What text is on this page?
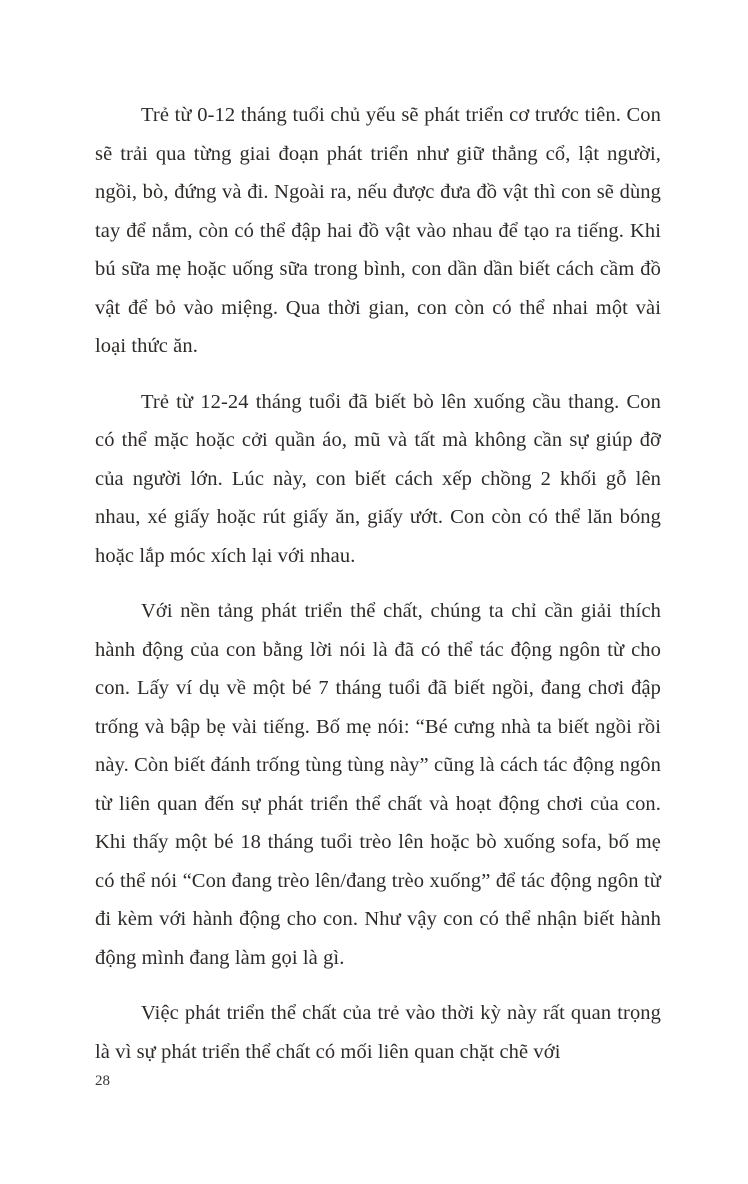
Trẻ từ 0-12 tháng tuổi chủ yếu sẽ phát triển cơ trước tiên. Con sẽ trải qua từng giai đoạn phát triển như giữ thẳng cổ, lật người, ngồi, bò, đứng và đi. Ngoài ra, nếu được đưa đồ vật thì con sẽ dùng tay để nắm, còn có thể đập hai đồ vật vào nhau để tạo ra tiếng. Khi bú sữa mẹ hoặc uống sữa trong bình, con dần dần biết cách cầm đồ vật để bỏ vào miệng. Qua thời gian, con còn có thể nhai một vài loại thức ăn.

Trẻ từ 12-24 tháng tuổi đã biết bò lên xuống cầu thang. Con có thể mặc hoặc cởi quần áo, mũ và tất mà không cần sự giúp đỡ của người lớn. Lúc này, con biết cách xếp chồng 2 khối gỗ lên nhau, xé giấy hoặc rút giấy ăn, giấy ướt. Con còn có thể lăn bóng hoặc lắp móc xích lại với nhau.

Với nền tảng phát triển thể chất, chúng ta chỉ cần giải thích hành động của con bằng lời nói là đã có thể tác động ngôn từ cho con. Lấy ví dụ về một bé 7 tháng tuổi đã biết ngồi, đang chơi đập trống và bập bẹ vài tiếng. Bố mẹ nói: “Bé cưng nhà ta biết ngồi rồi này. Còn biết đánh trống tùng tùng này” cũng là cách tác động ngôn từ liên quan đến sự phát triển thể chất và hoạt động chơi của con. Khi thấy một bé 18 tháng tuổi trèo lên hoặc bò xuống sofa, bố mẹ có thể nói “Con đang trèo lên/đang trèo xuống” để tác động ngôn từ đi kèm với hành động cho con. Như vậy con có thể nhận biết hành động mình đang làm gọi là gì.

Việc phát triển thể chất của trẻ vào thời kỳ này rất quan trọng là vì sự phát triển thể chất có mối liên quan chặt chẽ với

28
